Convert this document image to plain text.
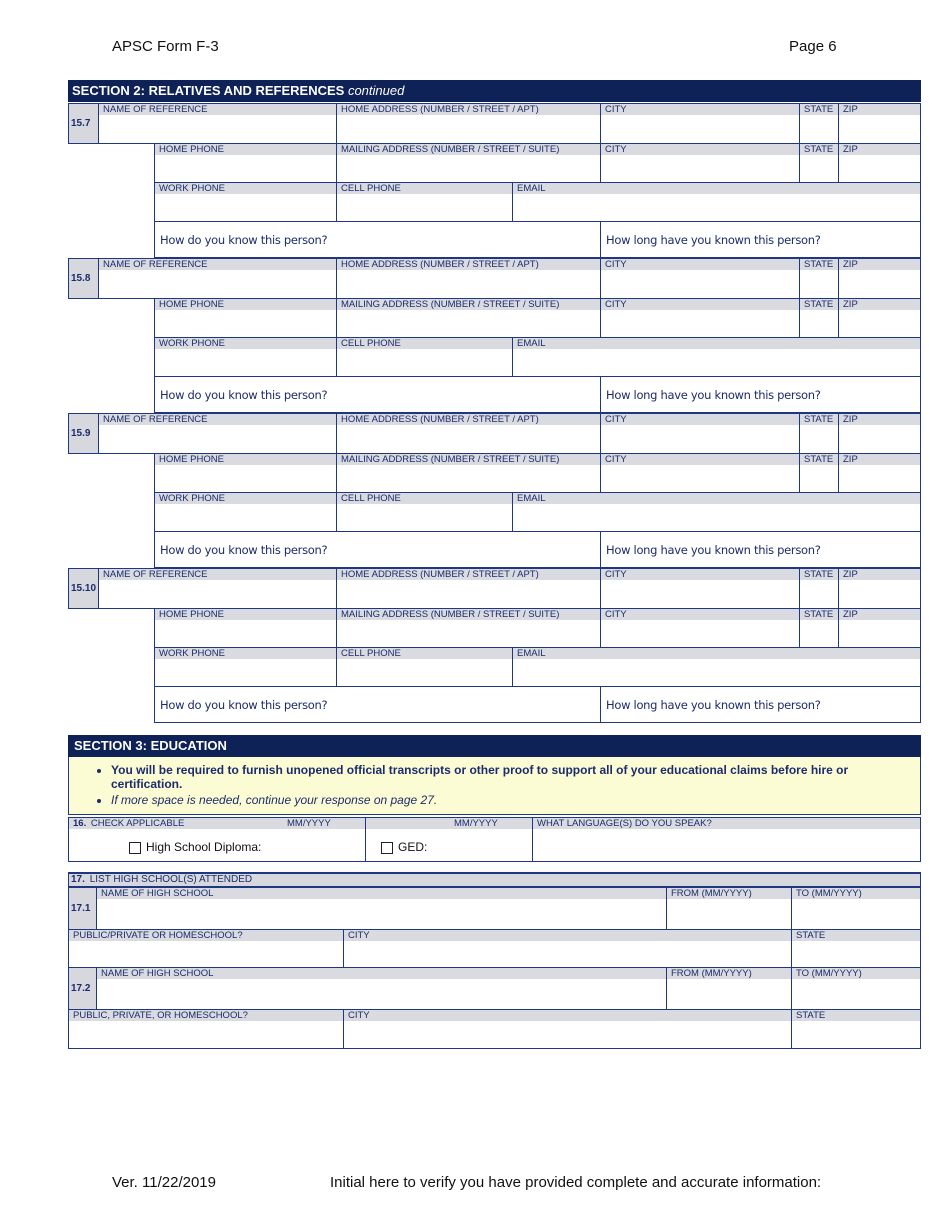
APSC Form F-3	Page 6
SECTION 2: RELATIVES AND REFERENCES continued
15.7
NAME OF REFERENCE	HOME ADDRESS (NUMBER / STREET / APT)	CITY	STATE	ZIP
HOME PHONE	MAILING ADDRESS (NUMBER / STREET / SUITE)	CITY	STATE	ZIP
WORK PHONE	CELL PHONE	EMAIL
How do you know this person?	How long have you known this person?
15.8
NAME OF REFERENCE	HOME ADDRESS (NUMBER / STREET / APT)	CITY	STATE	ZIP
HOME PHONE	MAILING ADDRESS (NUMBER / STREET / SUITE)	CITY	STATE	ZIP
WORK PHONE	CELL PHONE	EMAIL
How do you know this person?	How long have you known this person?
15.9
NAME OF REFERENCE	HOME ADDRESS (NUMBER / STREET / APT)	CITY	STATE	ZIP
HOME PHONE	MAILING ADDRESS (NUMBER / STREET / SUITE)	CITY	STATE	ZIP
WORK PHONE	CELL PHONE	EMAIL
How do you know this person?	How long have you known this person?
15.10
NAME OF REFERENCE	HOME ADDRESS (NUMBER / STREET / APT)	CITY	STATE	ZIP
HOME PHONE	MAILING ADDRESS (NUMBER / STREET / SUITE)	CITY	STATE	ZIP
WORK PHONE	CELL PHONE	EMAIL
How do you know this person?	How long have you known this person?
SECTION 3: EDUCATION
• You will be required to furnish unopened official transcripts or other proof to support all of your educational claims before hire or certification.
• If more space is needed, continue your response on page 27.
16. CHECK APPLICABLE	MM/YYYY
High School Diploma:
MM/YYYY
GED:
WHAT LANGUAGE(S) DO YOU SPEAK?
17. LIST HIGH SCHOOL(S) ATTENDED
17.1
NAME OF HIGH SCHOOL	FROM (MM/YYYY)	TO (MM/YYYY)
PUBLIC/PRIVATE OR HOMESCHOOL?	CITY	STATE
17.2
NAME OF HIGH SCHOOL	FROM (MM/YYYY)	TO (MM/YYYY)
PUBLIC, PRIVATE, OR HOMESCHOOL?	CITY	STATE
Ver. 11/22/2019	Initial here to verify you have provided complete and accurate information:
